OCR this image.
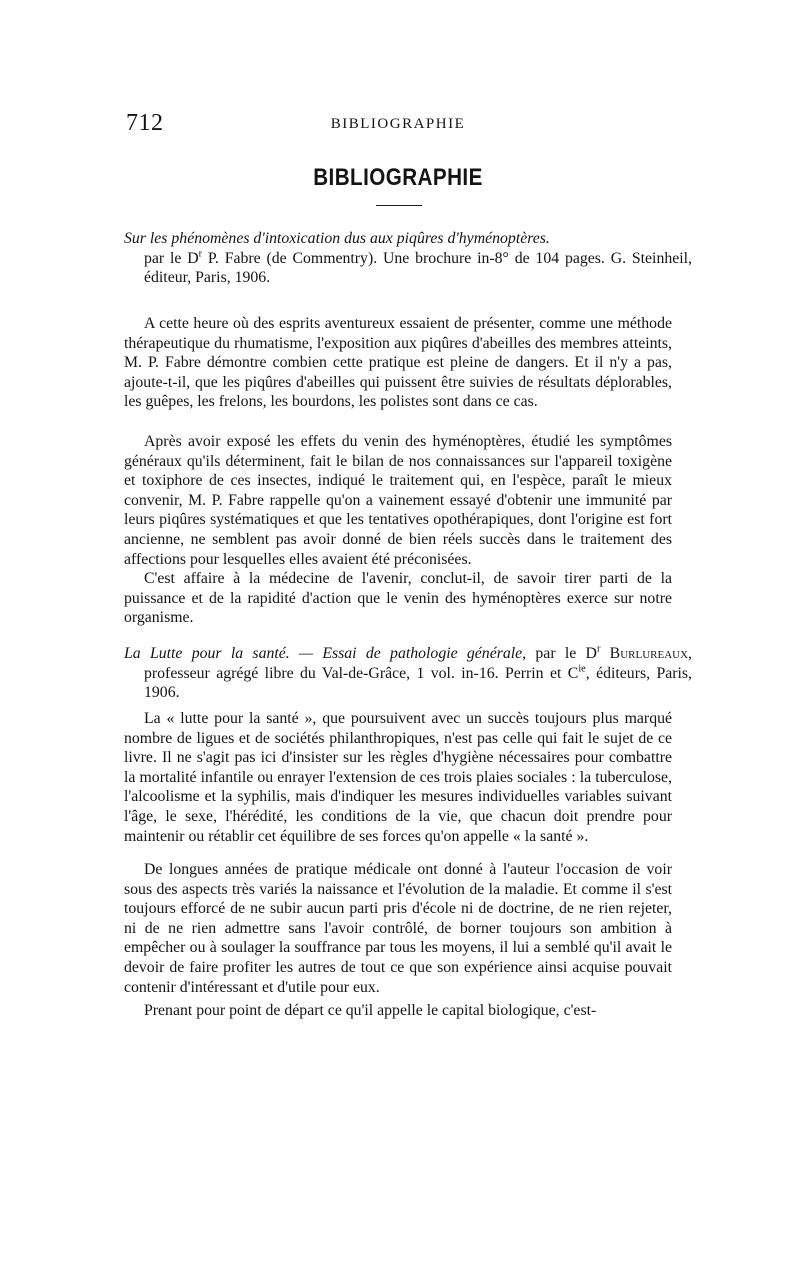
712	BIBLIOGRAPHIE
BIBLIOGRAPHIE
Sur les phénomènes d'intoxication dus aux piqûres d'hyménoptères.
par le $D^r$ P. Fabre (de Commentry). Une brochure in-8° de 104 pages. G. Steinheil, éditeur, Paris, 1906.

A cette heure où des esprits aventureux essaient de présenter, comme une méthode thérapeutique du rhumatisme, l'exposition aux piqûres d'abeilles des membres atteints, M. P. Fabre démontre combien cette pratique est pleine de dangers. Et il n'y a pas, ajoute-t-il, que les piqûres d'abeilles qui puissent être suivies de résultats déplorables, les guêpes, les frelons, les bourdons, les polistes sont dans ce cas.

Après avoir exposé les effets du venin des hyménoptères, étudié les symptômes généraux qu'ils déterminent, fait le bilan de nos connaissances sur l'appareil toxigène et toxiphore de ces insectes, indiqué le traitement qui, en l'espèce, paraît le mieux convenir, M. P. Fabre rappelle qu'on a vainement essayé d'obtenir une immunité par leurs piqûres systématiques et que les tentatives opothérapiques, dont l'origine est fort ancienne, ne semblent pas avoir donné de bien réels succès dans le traitement des affections pour lesquelles elles avaient été préconisées.

C'est affaire à la médecine de l'avenir, conclut-il, de savoir tirer parti de la puissance et de la rapidité d'action que le venin des hyménoptères exerce sur notre organisme.

La Lutte pour la santé. — Essai de pathologie générale, par le $D^r$ Burlureaux, professeur agrégé libre du Val-de-Grâce, 1 vol. in-16. Perrin et $C^{ie}$, éditeurs, Paris, 1906.

La « lutte pour la santé », que poursuivent avec un succès toujours plus marqué nombre de ligues et de sociétés philanthropiques, n'est pas celle qui fait le sujet de ce livre. Il ne s'agit pas ici d'insister sur les règles d'hygiène nécessaires pour combattre la mortalité infantile ou enrayer l'extension de ces trois plaies sociales : la tuberculose, l'alcoolisme et la syphilis, mais d'indiquer les mesures individuelles variables suivant l'âge, le sexe, l'hérédité, les conditions de la vie, que chacun doit prendre pour maintenir ou rétablir cet équilibre de ses forces qu'on appelle « la santé ».

De longues années de pratique médicale ont donné à l'auteur l'occasion de voir sous des aspects très variés la naissance et l'évolution de la maladie. Et comme il s'est toujours efforcé de ne subir aucun parti pris d'école ni de doctrine, de ne rien rejeter, ni de ne rien admettre sans l'avoir contrôlé, de borner toujours son ambition à empêcher ou à soulager la souffrance par tous les moyens, il lui a semblé qu'il avait le devoir de faire profiter les autres de tout ce que son expérience ainsi acquise pouvait contenir d'intéressant et d'utile pour eux.

Prenant pour point de départ ce qu'il appelle le capital biologique, c'est-
